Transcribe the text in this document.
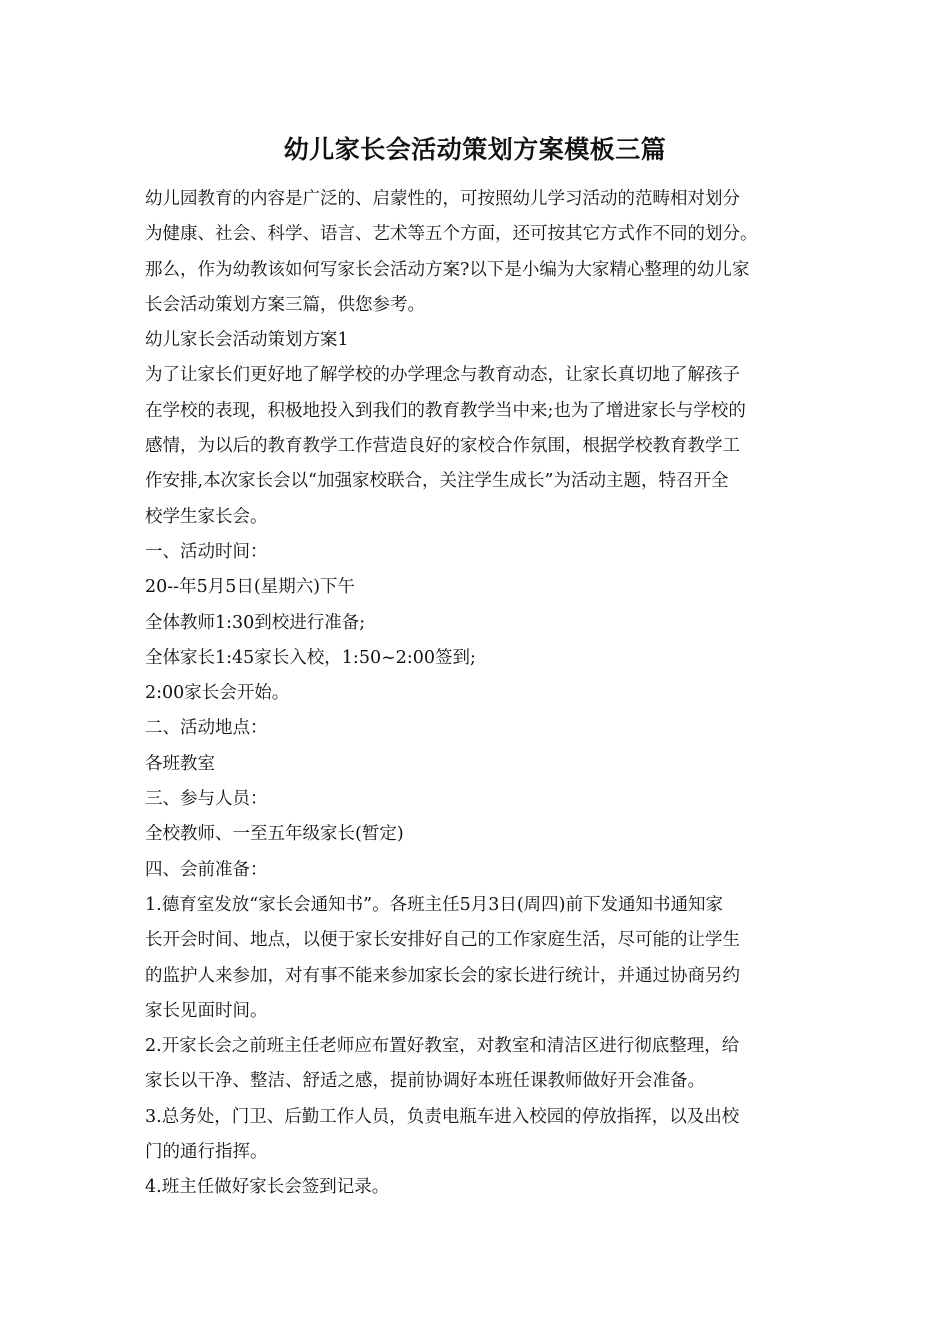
幼儿家长会活动策划方案模板三篇
幼儿园教育的内容是广泛的、启蒙性的，可按照幼儿学习活动的范畴相对划分
为健康、社会、科学、语言、艺术等五个方面，还可按其它方式作不同的划分。
那么，作为幼教该如何写家长会活动方案?以下是小编为大家精心整理的幼儿家
长会活动策划方案三篇，供您参考。
幼儿家长会活动策划方案1
为了让家长们更好地了解学校的办学理念与教育动态，让家长真切地了解孩子
在学校的表现，积极地投入到我们的教育教学当中来;也为了增进家长与学校的
感情，为以后的教育教学工作营造良好的家校合作氛围，根据学校教育教学工
作安排,本次家长会以“加强家校联合，关注学生成长”为活动主题，特召开全
校学生家长会。
一、活动时间：
20--年5月5日(星期六)下午
全体教师1:30到校进行准备;
全体家长1:45家长入校，1:50~2:00签到;
2:00家长会开始。
二、活动地点：
各班教室
三、参与人员：
全校教师、一至五年级家长(暂定)
四、会前准备：
1.德育室发放“家长会通知书”。各班主任5月3日(周四)前下发通知书通知家
长开会时间、地点，以便于家长安排好自己的工作家庭生活，尽可能的让学生
的监护人来参加，对有事不能来参加家长会的家长进行统计，并通过协商另约
家长见面时间。
2.开家长会之前班主任老师应布置好教室，对教室和清洁区进行彻底整理，给
家长以干净、整洁、舒适之感，提前协调好本班任课教师做好开会准备。
3.总务处，门卫、后勤工作人员，负责电瓶车进入校园的停放指挥，以及出校
门的通行指挥。
4.班主任做好家长会签到记录。
